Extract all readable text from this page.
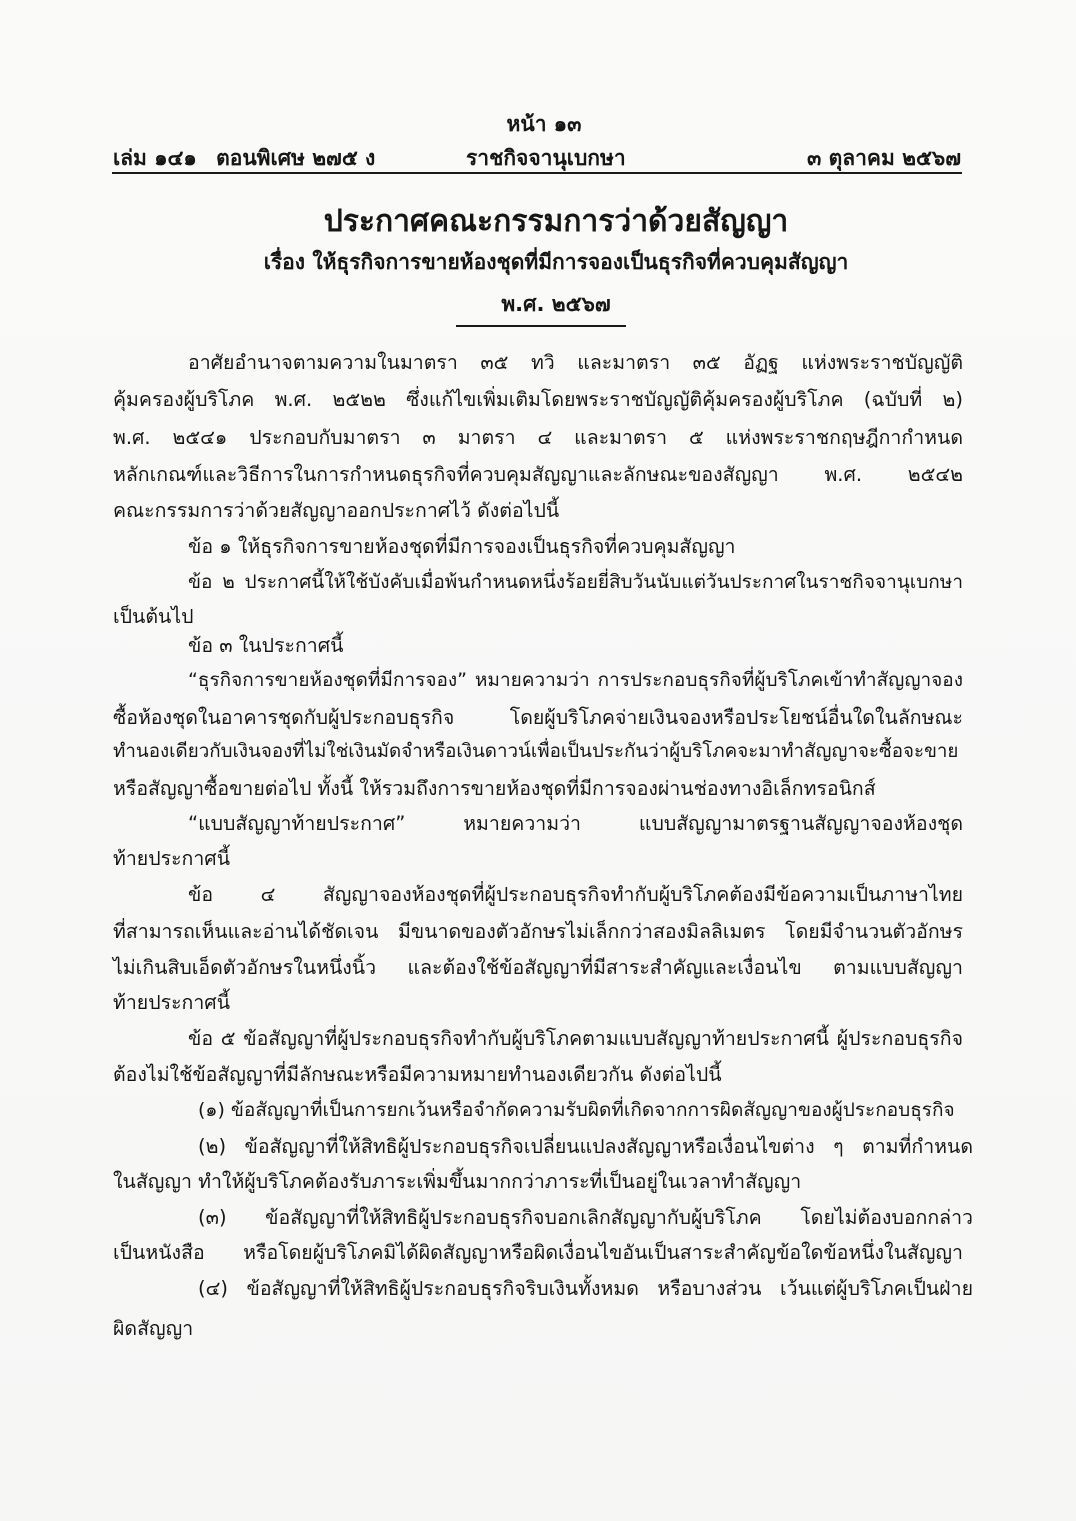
หน้า ๑๓
เล่ม ๑๔๑ ตอนพิเศษ ๒๗๕ ง	ราชกิจจานุเบกษา	๓ ตุลาคม ๒๕๖๗
ประกาศคณะกรรมการว่าด้วยสัญญา
เรื่อง ให้ธุรกิจการขายห้องชุดที่มีการจองเป็นธุรกิจที่ควบคุมสัญญา
พ.ศ. ๒๕๖๗
อาศัยอำนาจตามความในมาตรา ๓๕ ทวิ และมาตรา ๓๕ อัฏฐ แห่งพระราชบัญญัติ
คุ้มครองผู้บริโภค พ.ศ. ๒๕๒๒ ซึ่งแก้ไขเพิ่มเติมโดยพระราชบัญญัติคุ้มครองผู้บริโภค (ฉบับที่ ๒)
พ.ศ. ๒๕๔๑ ประกอบกับมาตรา ๓ มาตรา ๔ และมาตรา ๕ แห่งพระราชกฤษฎีกากำหนด
หลักเกณฑ์และวิธีการในการกำหนดธุรกิจที่ควบคุมสัญญาและลักษณะของสัญญา พ.ศ. ๒๕๔๒
คณะกรรมการว่าด้วยสัญญาออกประกาศไว้ ดังต่อไปนี้
ข้อ ๑ ให้ธุรกิจการขายห้องชุดที่มีการจองเป็นธุรกิจที่ควบคุมสัญญา
ข้อ ๒ ประกาศนี้ให้ใช้บังคับเมื่อพ้นกำหนดหนึ่งร้อยยี่สิบวันนับแต่วันประกาศในราชกิจจานุเบกษา
เป็นต้นไป
ข้อ ๓ ในประกาศนี้
“ธุรกิจการขายห้องชุดที่มีการจอง” หมายความว่า การประกอบธุรกิจที่ผู้บริโภคเข้าทำสัญญาจอง
ซื้อห้องชุดในอาคารชุดกับผู้ประกอบธุรกิจ โดยผู้บริโภคจ่ายเงินจองหรือประโยชน์อื่นใดในลักษณะ
ทำนองเดียวกับเงินจองที่ไม่ใช่เงินมัดจำหรือเงินดาวน์เพื่อเป็นประกันว่าผู้บริโภคจะมาทำสัญญาจะซื้อจะขาย
หรือสัญญาซื้อขายต่อไป ทั้งนี้ ให้รวมถึงการขายห้องชุดที่มีการจองผ่านช่องทางอิเล็กทรอนิกส์
“แบบสัญญาท้ายประกาศ” หมายความว่า แบบสัญญามาตรฐานสัญญาจองห้องชุด
ท้ายประกาศนี้
ข้อ ๔ สัญญาจองห้องชุดที่ผู้ประกอบธุรกิจทำกับผู้บริโภคต้องมีข้อความเป็นภาษาไทย
ที่สามารถเห็นและอ่านได้ชัดเจน มีขนาดของตัวอักษรไม่เล็กกว่าสองมิลลิเมตร โดยมีจำนวนตัวอักษร
ไม่เกินสิบเอ็ดตัวอักษรในหนึ่งนิ้ว และต้องใช้ข้อสัญญาที่มีสาระสำคัญและเงื่อนไข ตามแบบสัญญา
ท้ายประกาศนี้
ข้อ ๕ ข้อสัญญาที่ผู้ประกอบธุรกิจทำกับผู้บริโภคตามแบบสัญญาท้ายประกาศนี้ ผู้ประกอบธุรกิจ
ต้องไม่ใช้ข้อสัญญาที่มีลักษณะหรือมีความหมายทำนองเดียวกัน ดังต่อไปนี้
(๑) ข้อสัญญาที่เป็นการยกเว้นหรือจำกัดความรับผิดที่เกิดจากการผิดสัญญาของผู้ประกอบธุรกิจ
(๒) ข้อสัญญาที่ให้สิทธิผู้ประกอบธุรกิจเปลี่ยนแปลงสัญญาหรือเงื่อนไขต่าง ๆ ตามที่กำหนด
ในสัญญา ทำให้ผู้บริโภคต้องรับภาระเพิ่มขึ้นมากกว่าภาระที่เป็นอยู่ในเวลาทำสัญญา
(๓) ข้อสัญญาที่ให้สิทธิผู้ประกอบธุรกิจบอกเลิกสัญญากับผู้บริโภค โดยไม่ต้องบอกกล่าว
เป็นหนังสือ หรือโดยผู้บริโภคมิได้ผิดสัญญาหรือผิดเงื่อนไขอันเป็นสาระสำคัญข้อใดข้อหนึ่งในสัญญา
(๔) ข้อสัญญาที่ให้สิทธิผู้ประกอบธุรกิจริบเงินทั้งหมด หรือบางส่วน เว้นแต่ผู้บริโภคเป็นฝ่าย
ผิดสัญญา
